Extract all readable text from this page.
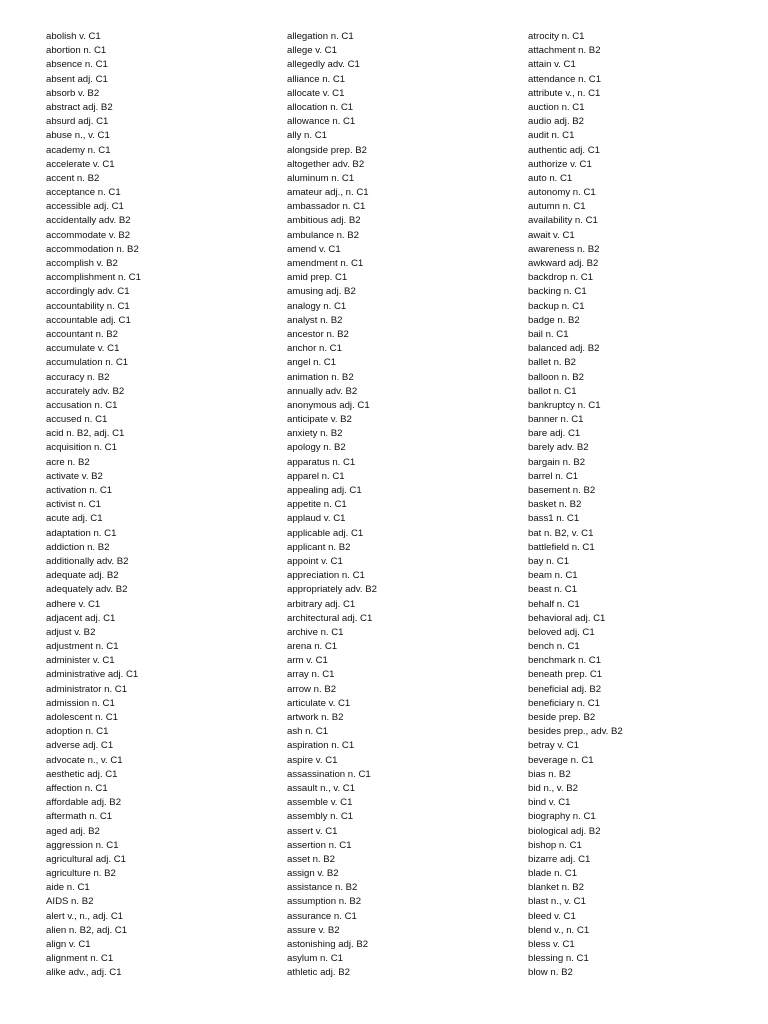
abolish v. C1
abortion n. C1
absence n. C1
absent adj. C1
absorb v. B2
abstract adj. B2
absurd adj. C1
abuse n., v. C1
academy n. C1
accelerate v. C1
accent n. B2
acceptance n. C1
accessible adj. C1
accidentally adv. B2
accommodate v. B2
accommodation n. B2
accomplish v. B2
accomplishment n. C1
accordingly adv. C1
accountability n. C1
accountable adj. C1
accountant n. B2
accumulate v. C1
accumulation n. C1
accuracy n. B2
accurately adv. B2
accusation n. C1
accused n. C1
acid n. B2, adj. C1
acquisition n. C1
acre n. B2
activate v. B2
activation n. C1
activist n. C1
acute adj. C1
adaptation n. C1
addiction n. B2
additionally adv. B2
adequate adj. B2
adequately adv. B2
adhere v. C1
adjacent adj. C1
adjust v. B2
adjustment n. C1
administer v. C1
administrative adj. C1
administrator n. C1
admission n. C1
adolescent n. C1
adoption n. C1
adverse adj. C1
advocate n., v. C1
aesthetic adj. C1
affection n. C1
affordable adj. B2
aftermath n. C1
aged adj. B2
aggression n. C1
agricultural adj. C1
agriculture n. B2
aide n. C1
AIDS n. B2
alert v., n., adj. C1
alien n. B2, adj. C1
align v. C1
alignment n. C1
alike adv., adj. C1
allegation n. C1
allege v. C1
allegedly adv. C1
alliance n. C1
allocate v. C1
allocation n. C1
allowance n. C1
ally n. C1
alongside prep. B2
altogether adv. B2
aluminum n. C1
amateur adj., n. C1
ambassador n. C1
ambitious adj. B2
ambulance n. B2
amend v. C1
amendment n. C1
amid prep. C1
amusing adj. B2
analogy n. C1
analyst n. B2
ancestor n. B2
anchor n. C1
angel n. C1
animation n. B2
annually adv. B2
anonymous adj. C1
anticipate v. B2
anxiety n. B2
apology n. B2
apparatus n. C1
apparel n. C1
appealing adj. C1
appetite n. C1
applaud v. C1
applicable adj. C1
applicant n. B2
appoint v. C1
appreciation n. C1
appropriately adv. B2
arbitrary adj. C1
architectural adj. C1
archive n. C1
arena n. C1
arm v. C1
array n. C1
arrow n. B2
articulate v. C1
artwork n. B2
ash n. C1
aspiration n. C1
aspire v. C1
assassination n. C1
assault n., v. C1
assemble v. C1
assembly n. C1
assert v. C1
assertion n. C1
asset n. B2
assign v. B2
assistance n. B2
assumption n. B2
assurance n. C1
assure v. B2
astonishing adj. B2
asylum n. C1
athletic adj. B2
atrocity n. C1
attachment n. B2
attain v. C1
attendance n. C1
attribute v., n. C1
auction n. C1
audio adj. B2
audit n. C1
authentic adj. C1
authorize v. C1
auto n. C1
autonomy n. C1
autumn n. C1
availability n. C1
await v. C1
awareness n. B2
awkward adj. B2
backdrop n. C1
backing n. C1
backup n. C1
badge n. B2
bail n. C1
balanced adj. B2
ballet n. B2
balloon n. B2
ballot n. C1
bankruptcy n. C1
banner n. C1
bare adj. C1
barely adv. B2
bargain n. B2
barrel n. C1
basement n. B2
basket n. B2
bass1 n. C1
bat n. B2, v. C1
battlefield n. C1
bay n. C1
beam n. C1
beast n. C1
behalf n. C1
behavioral adj. C1
beloved adj. C1
bench n. C1
benchmark n. C1
beneath prep. C1
beneficial adj. B2
beneficiary n. C1
beside prep. B2
besides prep., adv. B2
betray v. C1
beverage n. C1
bias n. B2
bid n., v. B2
bind v. C1
biography n. C1
biological adj. B2
bishop n. C1
bizarre adj. C1
blade n. C1
blanket n. B2
blast n., v. C1
bleed v. C1
blend v., n. C1
bless v. C1
blessing n. C1
blow n. B2
